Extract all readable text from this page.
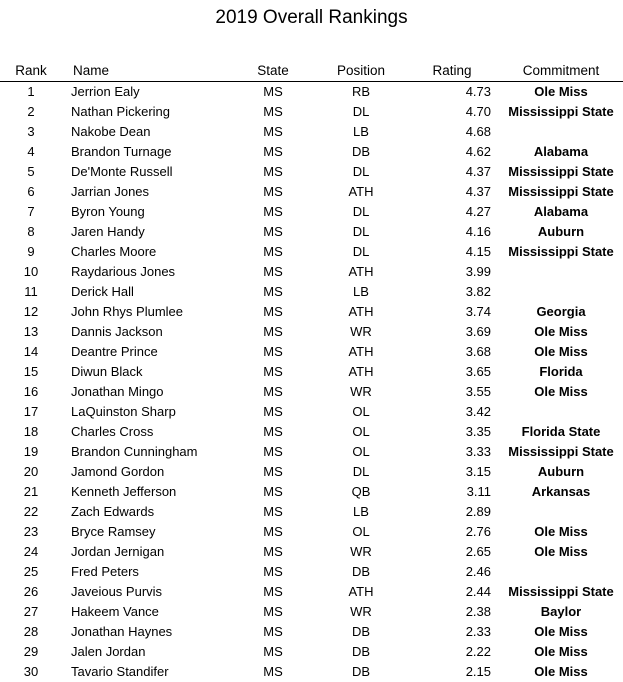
2019 Overall Rankings
Rank Name	State	Position	Rating	Commitment
1	Jerrion Ealy	MS	RB	4.73	Ole Miss
2	Nathan Pickering	MS	DL	4.70	Mississippi State
3	Nakobe Dean	MS	LB	4.68
4	Brandon Turnage	MS	DB	4.62	Alabama
5	De'Monte Russell	MS	DL	4.37	Mississippi State
6	Jarrian Jones	MS	ATH	4.37	Mississippi State
7	Byron Young	MS	DL	4.27	Alabama
8	Jaren Handy	MS	DL	4.16	Auburn
9	Charles Moore	MS	DL	4.15	Mississippi State
10	Raydarious Jones	MS	ATH	3.99
11	Derick Hall	MS	LB	3.82
12	John Rhys Plumlee	MS	ATH	3.74	Georgia
13	Dannis Jackson	MS	WR	3.69	Ole Miss
14	Deantre Prince	MS	ATH	3.68	Ole Miss
15	Diwun Black	MS	ATH	3.65	Florida
16	Jonathan Mingo	MS	WR	3.55	Ole Miss
17	LaQuinston Sharp	MS	OL	3.42
18	Charles Cross	MS	OL	3.35	Florida State
19	Brandon Cunningham	MS	OL	3.33	Mississippi State
20	Jamond Gordon	MS	DL	3.15	Auburn
21	Kenneth Jefferson	MS	QB	3.11	Arkansas
22	Zach Edwards	MS	LB	2.89
23	Bryce Ramsey	MS	OL	2.76	Ole Miss
24	Jordan Jernigan	MS	WR	2.65	Ole Miss
25	Fred Peters	MS	DB	2.46
26	Javeious Purvis	MS	ATH	2.44	Mississippi State
27	Hakeem Vance	MS	WR	2.38	Baylor
28	Jonathan Haynes	MS	DB	2.33	Ole Miss
29	Jalen Jordan	MS	DB	2.22	Ole Miss
30	Tavario Standifer	MS	DB	2.15	Ole Miss
